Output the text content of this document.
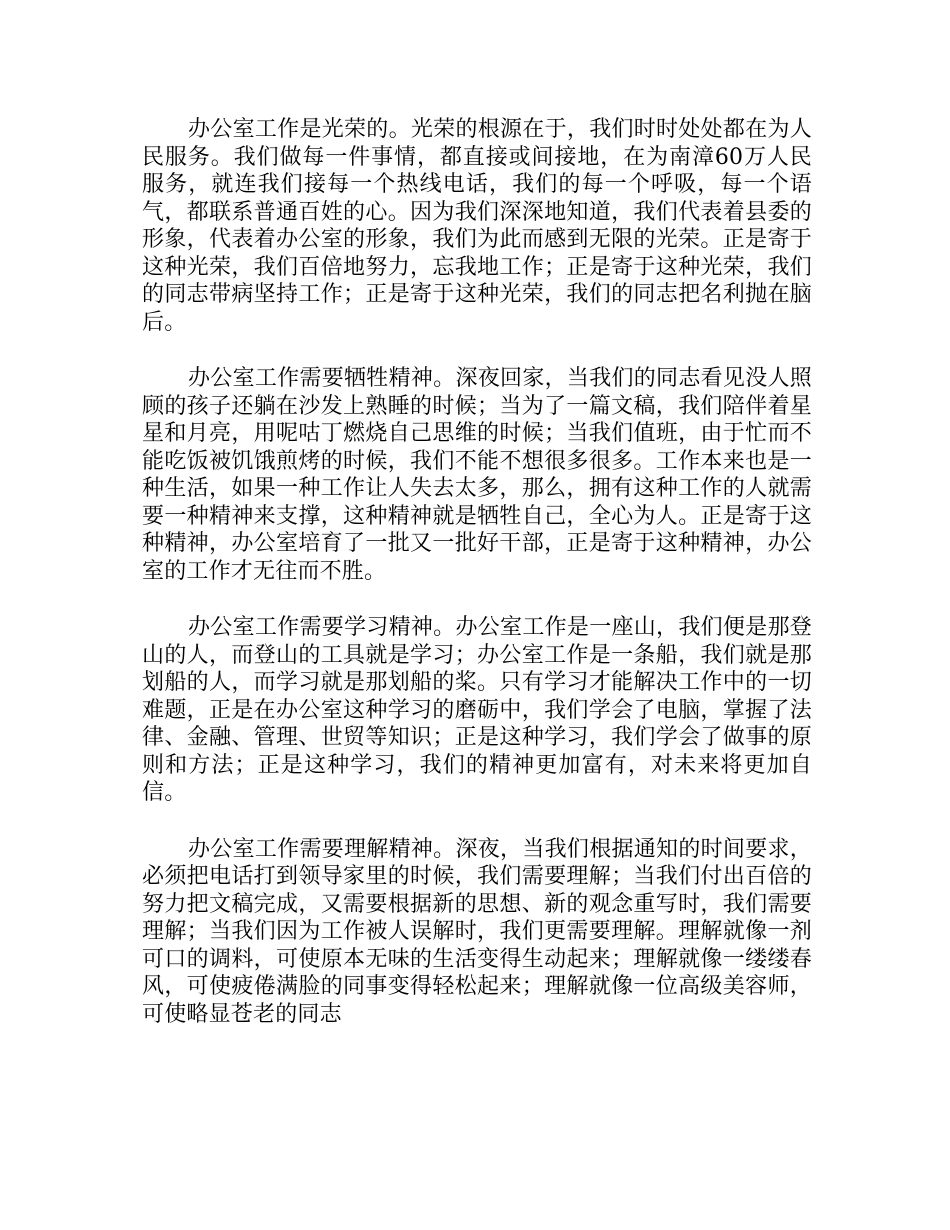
办公室工作是光荣的。光荣的根源在于，我们时时处处都在为人民服务。我们做每一件事情，都直接或间接地，在为南漳60万人民服务，就连我们接每一个热线电话，我们的每一个呼吸，每一个语气，都联系普通百姓的心。因为我们深深地知道，我们代表着县委的形象，代表着办公室的形象，我们为此而感到无限的光荣。正是寄于这种光荣，我们百倍地努力，忘我地工作；正是寄于这种光荣，我们的同志带病坚持工作；正是寄于这种光荣，我们的同志把名利抛在脑后。

办公室工作需要牺牲精神。深夜回家，当我们的同志看见没人照顾的孩子还躺在沙发上熟睡的时候；当为了一篇文稿，我们陪伴着星星和月亮，用呢咕丁燃烧自己思维的时候；当我们值班，由于忙而不能吃饭被饥饿煎烤的时候，我们不能不想很多很多。工作本来也是一种生活，如果一种工作让人失去太多，那么，拥有这种工作的人就需要一种精神来支撑，这种精神就是牺牲自己，全心为人。正是寄于这种精神，办公室培育了一批又一批好干部，正是寄于这种精神，办公室的工作才无往而不胜。

办公室工作需要学习精神。办公室工作是一座山，我们便是那登山的人，而登山的工具就是学习；办公室工作是一条船，我们就是那划船的人，而学习就是那划船的桨。只有学习才能解决工作中的一切难题，正是在办公室这种学习的磨砺中，我们学会了电脑，掌握了法律、金融、管理、世贸等知识；正是这种学习，我们学会了做事的原则和方法；正是这种学习，我们的精神更加富有，对未来将更加自信。

办公室工作需要理解精神。深夜，当我们根据通知的时间要求，必须把电话打到领导家里的时候，我们需要理解；当我们付出百倍的努力把文稿完成，又需要根据新的思想、新的观念重写时，我们需要理解；当我们因为工作被人误解时，我们更需要理解。理解就像一剂可口的调料，可使原本无味的生活变得生动起来；理解就像一缕缕春风，可使疲倦满脸的同事变得轻松起来；理解就像一位高级美容师，可使略显苍老的同志
